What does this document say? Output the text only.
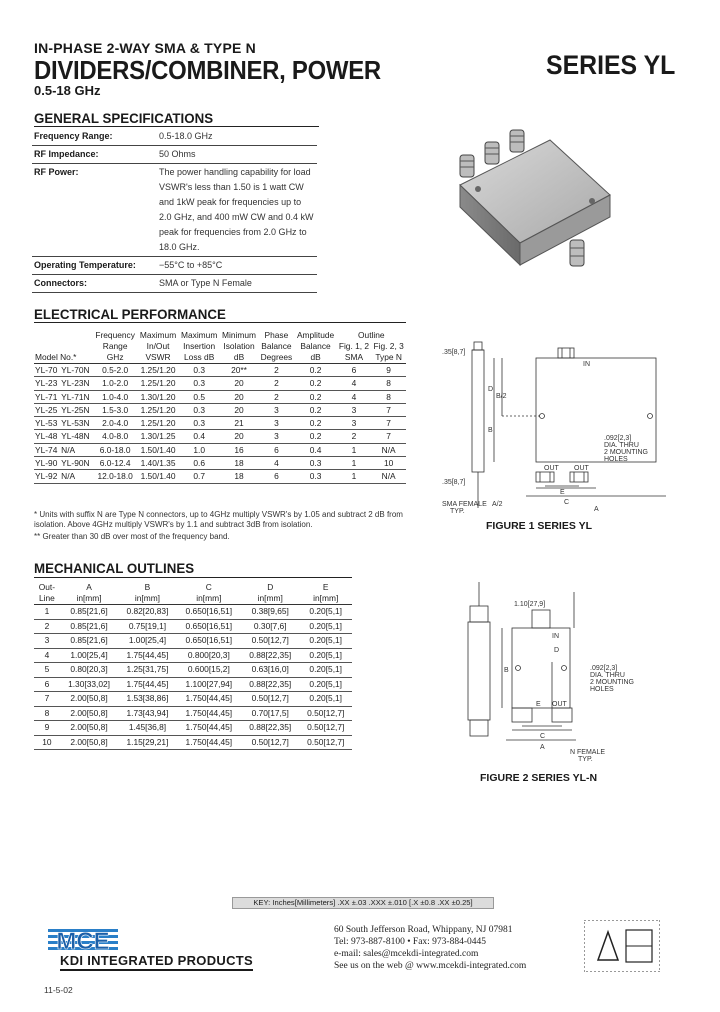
IN-PHASE 2-WAY SMA & TYPE N
DIVIDERS/COMBINER, POWER
0.5-18 GHz
SERIES YL
GENERAL SPECIFICATIONS
Frequency Range:	0.5-18.0 GHz
RF Impedance:	50 Ohms
RF Power:	The power handling capability for load VSWR's less than 1.50 is 1 watt CW and 1kW peak for frequencies up to 2.0 GHz, and 400 mW CW and 0.4 kW peak for frequencies from 2.0 GHz to 18.0 GHz.
Operating Temperature:	−55°C to +85°C
Connectors:	SMA or Type N Female
ELECTRICAL PERFORMANCE
Model No.*		Frequency	Maximum	Maximum	Minimum	Phase	Amplitude	Outline	
		Range	In/Out	Insertion	Isolation	Balance	Balance	Fig. 1, 2	Fig. 2, 3
		GHz	VSWR	Loss dB	dB	Degrees	dB	SMA	Type N
YL-70	YL-70N	0.5-2.0	1.25/1.20	0.3	20**	2	0.2	6	9
YL-23	YL-23N	1.0-2.0	1.25/1.20	0.3	20	2	0.2	4	8
YL-71	YL-71N	1.0-4.0	1.30/1.20	0.5	20	2	0.2	4	8
YL-25	YL-25N	1.5-3.0	1.25/1.20	0.3	20	3	0.2	3	7
YL-53	YL-53N	2.0-4.0	1.25/1.20	0.3	21	3	0.2	3	7
YL-48	YL-48N	4.0-8.0	1.30/1.25	0.4	20	3	0.2	2	7
YL-74	N/A	6.0-18.0	1.50/1.40	1.0	16	6	0.4	1	N/A
YL-90	YL-90N	6.0-12.4	1.40/1.35	0.6	18	4	0.3	1	10
YL-92	N/A	12.0-18.0	1.50/1.40	0.7	18	6	0.3	1	N/A
* Units with suffix N are Type N connectors, up to 4GHz multiply VSWR's by 1.05 and subtract 2 dB from isolation. Above 4GHz multiply VSWR's by 1.1 and subtract 3dB from isolation.
** Greater than 30 dB over most of the frequency band.
MECHANICAL OUTLINES
Out-	A	B	C	D	E
Line	in[mm]	in[mm]	in[mm]	in[mm]	in[mm]
1	0.85[21,6]	0.82[20,83]	0.650[16,51]	0.38[9,65]	0.20[5,1]
2	0.85[21,6]	0.75[19,1]	0.650[16,51]	0.30[7,6]	0.20[5,1]
3	0.85[21,6]	1.00[25,4]	0.650[16,51]	0.50[12,7]	0.20[5,1]
4	1.00[25,4]	1.75[44,45]	0.800[20,3]	0.88[22,35]	0.20[5,1]
5	0.80[20,3]	1.25[31,75]	0.600[15,2]	0.63[16,0]	0.20[5,1]
6	1.30[33,02]	1.75[44,45]	1.100[27,94]	0.88[22,35]	0.20[5,1]
7	2.00[50,8]	1.53[38,86]	1.750[44,45]	0.50[12,7]	0.20[5,1]
8	2.00[50,8]	1.73[43,94]	1.750[44,45]	0.70[17,5]	0.50[12,7]
9	2.00[50,8]	1.45[36,8]	1.750[44,45]	0.88[22,35]	0.50[12,7]
10	2.00[50,8]	1.15[29,21]	1.750[44,45]	0.50[12,7]	0.50[12,7]
.35[8,7]
D
B/2
B
IN
OUT OUT
.092[2,3]
DIA. THRU
2 MOUNTING
HOLES
.35[8,7]
E
A/2	C
A
SMA FEMALE
TYP.
FIGURE 1 SERIES YL
1.10[27,9]
B
D
IN
OUT
E
C
A
.092[2,3]
DIA. THRU
2 MOUNTING
HOLES
N FEMALE
TYP.
FIGURE 2 SERIES YL-N
KEY: Inches[Millimeters] .XX ±.03 .XXX ±.010 [.X ±0.8 .XX ±0.25]
MCE
KDI INTEGRATED PRODUCTS
60 South Jefferson Road, Whippany, NJ 07981
Tel: 973-887-8100 • Fax: 973-884-0445
e-mail: sales@mcekdi-integrated.com
See us on the web @ www.mcekdi-integrated.com
11-5-02
